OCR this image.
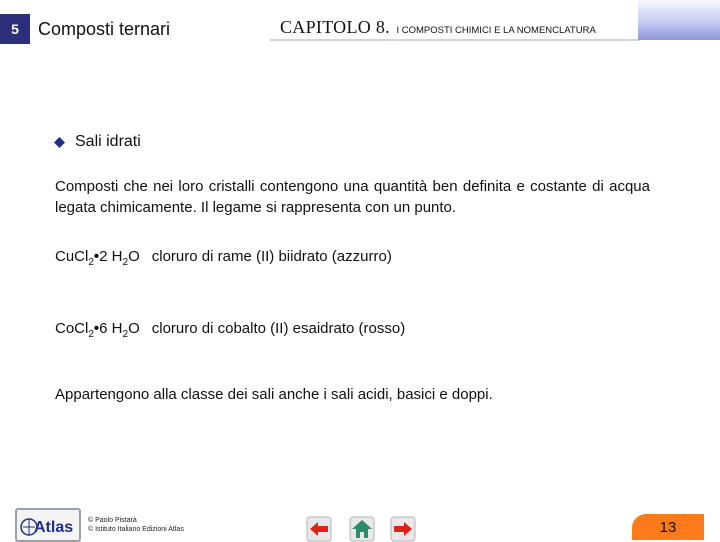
5	Composti ternari	CAPITOLO 8. I COMPOSTI CHIMICI E LA NOMENCLATURA
Sali idrati
Composti che nei loro cristalli contengono una quantità ben definita e costante di acqua legata chimicamente. Il legame si rappresenta con un punto.
CuCl$_2$•2 $H_2O$ cloruro di rame (II) biidrato (azzurro)
CoCl$_2$•6 $H_2O$ cloruro di cobalto (II) esaidrato (rosso)
Appartengono alla classe dei sali anche i sali acidi, basici e doppi.
Atlas © Paolo Pistarà
© Istituto Italiano Edizioni Atlas	13
